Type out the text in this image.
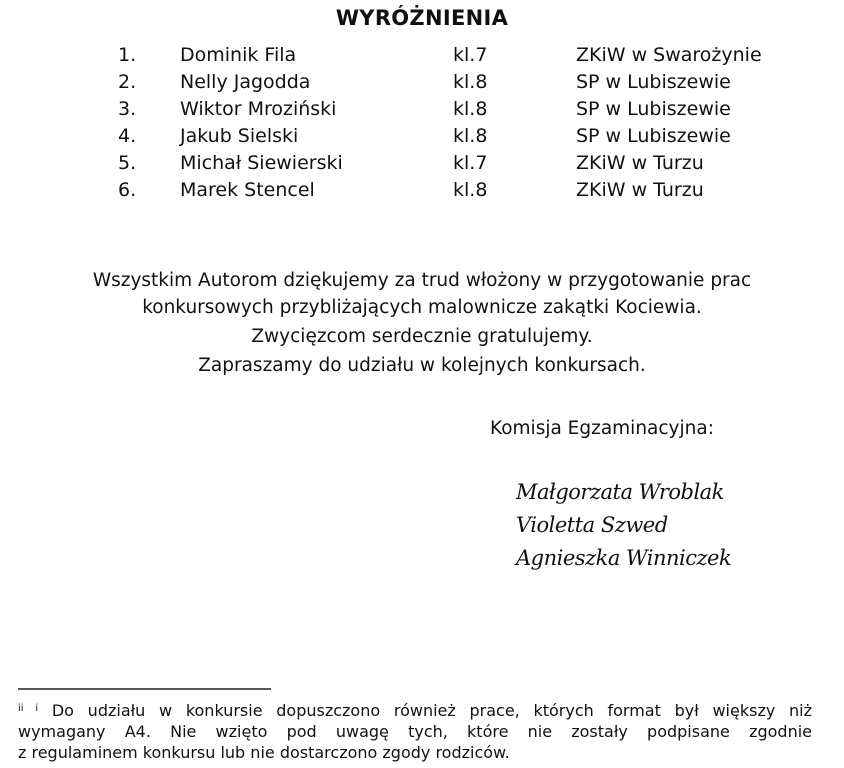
WYRÓŻNIENIA
1. Dominik Fila	kl.7	ZKiW w Swarożynie
2. Nelly Jagodda	kl.8	SP w Lubiszewie
3. Wiktor Mroziński	kl.8	SP w Lubiszewie
4. Jakub Sielski	kl.8	SP w Lubiszewie
5. Michał Siewierski	kl.7	ZKiW w Turzu
6. Marek Stencel	kl.8	ZKiW w Turzu
Wszystkim Autorom dziękujemy za trud włożony w przygotowanie prac
konkursowych przybliżających malownicze zakątki Kociewia.
Zwycięzcom serdecznie gratulujemy.
Zapraszamy do udziału w kolejnych konkursach.
Komisja Egzaminacyjna:
Małgorzata Wroblak
Violetta Szwed
Agnieszka Winniczek
$^{ii i}$ Do udziału w konkursie dopuszczono również prace, których format był większy niż
wymagany A4. Nie wzięto pod uwagę tych, które nie zostały podpisane zgodnie
z regulaminem konkursu lub nie dostarczono zgody rodziców.
